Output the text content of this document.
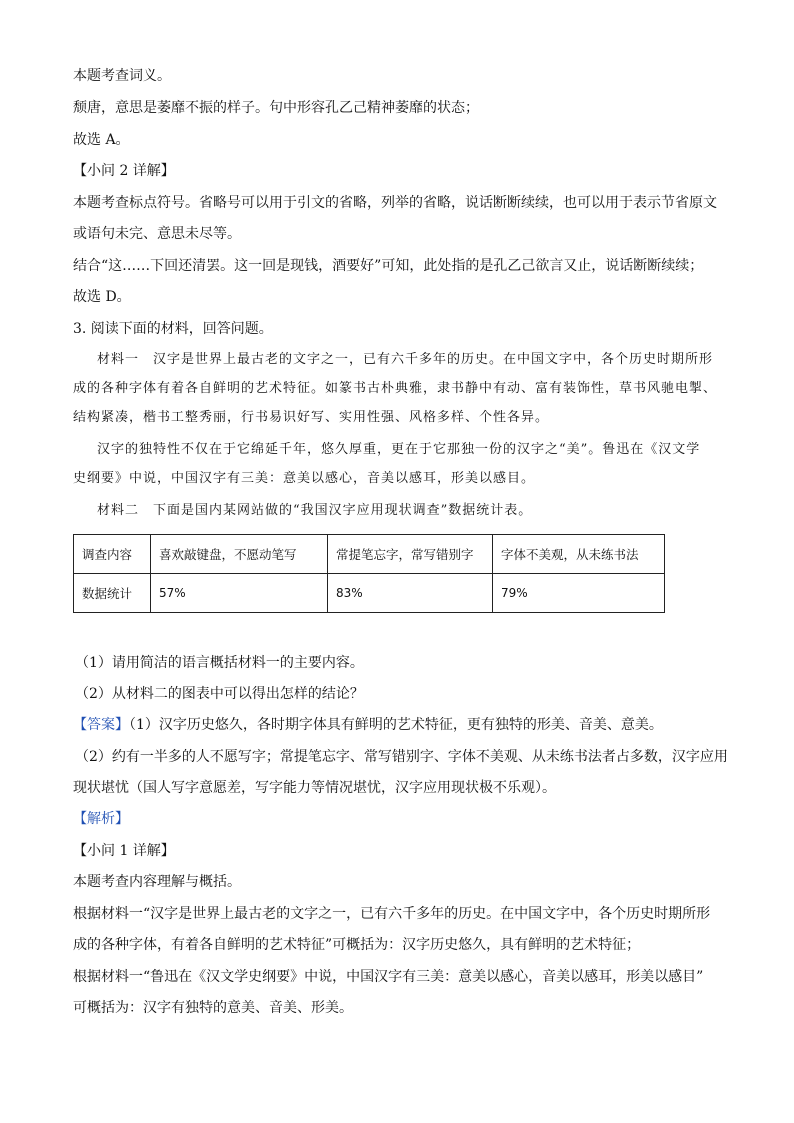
本题考查词义。
颓唐，意思是萎靡不振的样子。句中形容孔乙己精神萎靡的状态；
故选 A。
【小问 2 详解】
本题考查标点符号。省略号可以用于引文的省略，列举的省略，说话断断续续，也可以用于表示节省原文
或语句未完、意思未尽等。
结合“这……下回还清罢。这一回是现钱，酒要好”可知，此处指的是孔乙己欲言又止，说话断断续续；
故选 D。
3. 阅读下面的材料，回答问题。
材料一　汉字是世界上最古老的文字之一，已有六千多年的历史。在中国文字中，各个历史时期所形
成的各种字体有着各自鲜明的艺术特征。如篆书古朴典雅，隶书静中有动、富有装饰性，草书风驰电掣、
结构紧凑，楷书工整秀丽，行书易识好写、实用性强、风格多样、个性各异。
汉字的独特性不仅在于它绵延千年，悠久厚重，更在于它那独一份的汉字之“美”。鲁迅在《汉文学
史纲要》中说，中国汉字有三美：意美以感心，音美以感耳，形美以感目。
材料二　下面是国内某网站做的“我国汉字应用现状调查”数据统计表。
调查内容	喜欢敲键盘，不愿动笔写	常提笔忘字，常写错别字	字体不美观，从未练书法
数据统计	57%	83%	79%
（1）请用简洁的语言概括材料一的主要内容。
（2）从材料二的图表中可以得出怎样的结论？
【答案】（1）汉字历史悠久，各时期字体具有鲜明的艺术特征，更有独特的形美、音美、意美。
（2）约有一半多的人不愿写字；常提笔忘字、常写错别字、字体不美观、从未练书法者占多数，汉字应用
现状堪忧（国人写字意愿差，写字能力等情况堪忧，汉字应用现状极不乐观）。
【解析】
【小问 1 详解】
本题考查内容理解与概括。
根据材料一“汉字是世界上最古老的文字之一，已有六千多年的历史。在中国文字中，各个历史时期所形
成的各种字体，有着各自鲜明的艺术特征”可概括为：汉字历史悠久，具有鲜明的艺术特征；
根据材料一“鲁迅在《汉文学史纲要》中说，中国汉字有三美：意美以感心，音美以感耳，形美以感目”
可概括为：汉字有独特的意美、音美、形美。
